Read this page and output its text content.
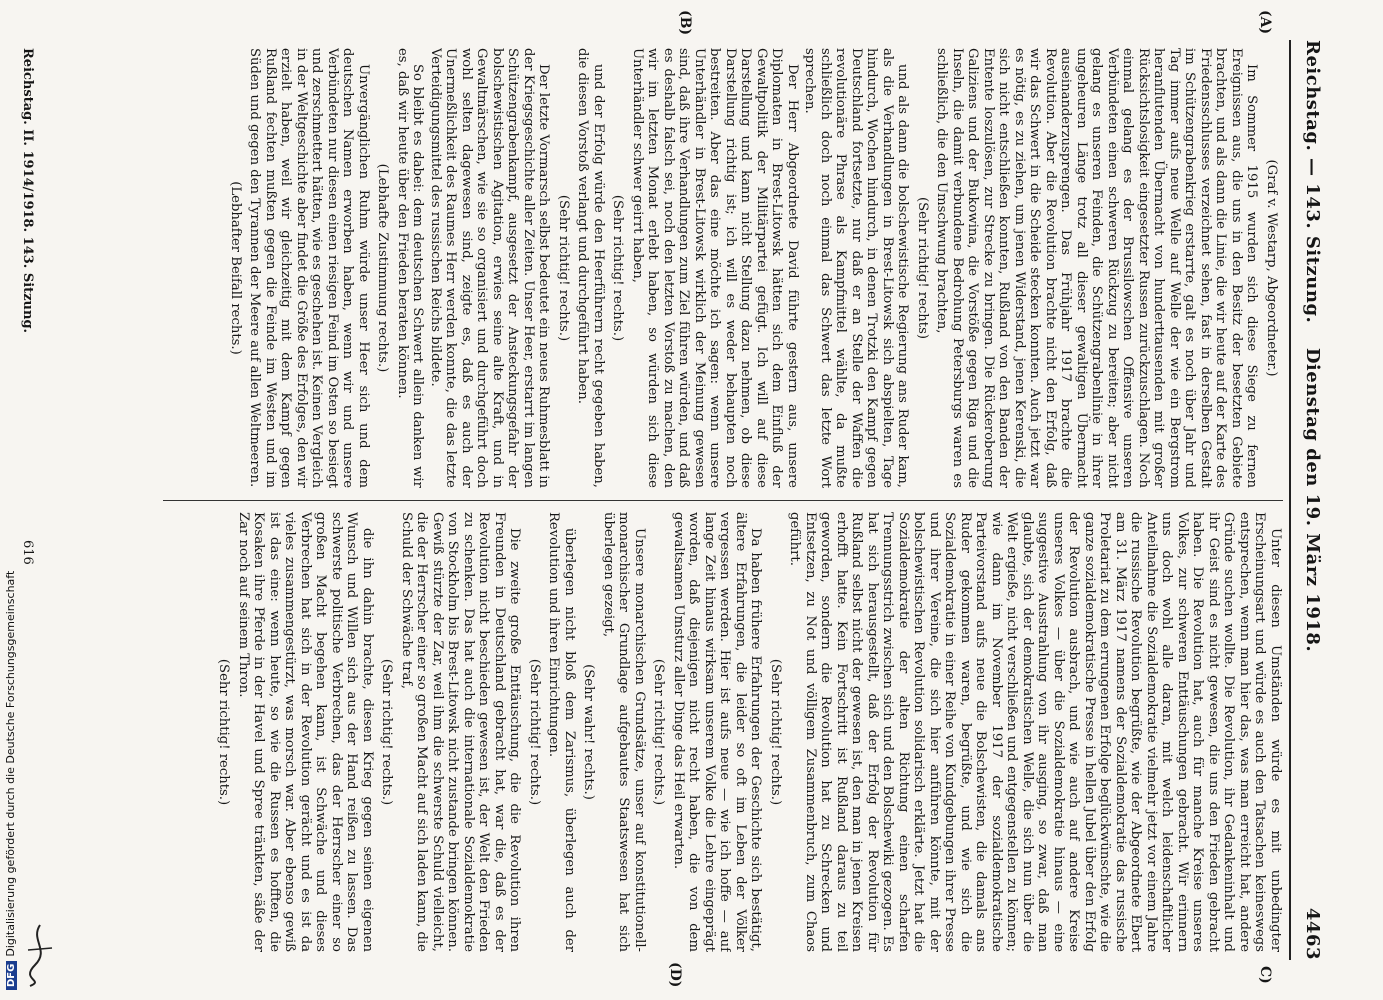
Reichstag. — 143. Sitzung.
Dienstag den 19. März 1918.
4463
(A)
(B)
C)
(D)

(Graf v. Westarp, Abgeordneter.)

Im Sommer 1915 wurden sich diese Siege zu fernen Ereignissen aus, die uns in den Besitz der besetzten Gebiete brachten, und als dann die Linie, die wir heute auf der Karte des Friedensschlusses verzeichnet sehen, fast in derselben Gestalt im Schützengrabenkrieg erstarrte, galt es noch über Jahr und Tag immer aufs neue Welle auf Welle der wie ein Bergstrom heranflutenden Übermacht von hunderttausenden mit großer Rücksichtslosigkeit eingesetzter Russen zurückzuschlagen. Noch einmal gelang es der Brussilowschen Offensive unseren Verbündeten einen schweren Rückzug zu bereiten; aber nicht gelang es unseren Feinden, die Schützengrabenlinie in ihrer ungeheuren Länge trotz all dieser gewaltigen Übermacht auseinanderzusprengen. Das Frühjahr 1917 brachte die Revolution. Aber die Revolution brachte nicht den Erfolg, daß wir das Schwert in die Scheide stecken konnten. Auch jetzt war es nötig, es zu ziehen, um jenen Widerstand, jenen Kerenski, die sich nicht entschließen konnten, Rußland von den Banden der Entente loszulösen, zur Strecke zu bringen. Die Rückeroberung Galiziens und der Bukowina, die Vorstöße gegen Riga und die Inseln, die damit verbundene Bedrohung Petersburgs waren es schließlich, die den Umschwung brachten,

(Sehr richtig! rechts)

und als dann die bolschewistische Regierung ans Ruder kam, als die Verhandlungen in Brest-Litowsk sich abspielten, Tage hindurch, Wochen hindurch, in denen Trotzki den Kampf gegen Deutschland fortsetzte, nur daß er an Stelle der Waffen die revolutionäre Phrase als Kampfmittel wählte, da mußte schließlich doch noch einmal das Schwert das letzte Wort sprechen.

Der Herr Abgeordnete David führte gestern aus, unsere Diplomaten in Brest-Litowsk hätten sich dem Einfluß der Gewaltpolitik der Militärpartei gefügt. Ich will auf diese Darstellung und kann nicht Stellung dazu nehmen, ob diese Darstellung richtig ist; ich will es weder behaupten noch bestreiten. Aber das eine möchte ich sagen: wenn unsere Unterhändler in Brest-Litowsk wirklich der Meinung gewesen sind, daß ihre Verhandlungen zum Ziel führen würden, und daß es deshalb falsch sei, noch den letzten Vorstoß zu machen, den wir im letzten Monat erlebt haben, so würden sich diese Unterhändler schwer geirrt haben,

(Sehr richtig! rechts.)

und der Erfolg würde den Heerführern recht gegeben haben, die diesen Vorstoß verlangt und durchgeführt haben.

(Sehr richtig! rechts.)

Der letzte Vormarsch selbst bedeutet ein neues Ruhmesblatt in der Kriegsgeschichte aller Zeiten. Unser Heer, erstarrt im langen Schützengrabenkampf, ausgesetzt der Ansteckungsgefahr der bolschewistischen Agitation, erwies seine alte Kraft, und in Gewaltmärschen, wie sie so organisiert und durchgeführt doch wohl selten dagewesen sind, zeigte es, daß es auch der Unermeßlichkeit des Raumes Herr werden konnte, die das letzte Verteidigungsmittel des russischen Reichs bildete.

So bleibt es dabei: dem deutschen Schwert allein danken wir es, daß wir heute über den Frieden beraten können.

(Lebhafte Zustimmung rechts.)

Unvergänglichen Ruhm würde unser Heer sich und dem deutschen Namen erworben haben, wenn wir und unsere Verbündeten nur diesen einen riesigen Feind im Osten so besiegt und zerschmettert hätten, wie es geschehen ist. Keinen Vergleich in der Weltgeschichte aber findet die Größe des Erfolges, den wir erzielt haben, weil wir gleichzeitig mit dem Kampf gegen Rußland fechten mußten gegen die Feinde im Westen und im Süden und gegen den Tyrannen der Meere auf allen Weltmeeren.

(Lebhafter Beifall rechts.)

Unter diesen Umständen würde es mit unbedingter Erscheinungsart und würde es auch den Tatsachen keineswegs entsprechen, wenn man hier das, was man erreicht hat, andere Gründe suchen wollte. Die Revolution, ihr Gedankeninhalt und ihr Geist sind es nicht gewesen, die uns den Frieden gebracht haben. Die Revolution hat, auch für manche Kreise unseres Volkes, zur schweren Enttäuschungen gebracht. Wir erinnern uns doch wohl alle daran, mit welch leidenschaftlicher Anteilnahme die Sozialdemokratie vielmehr jetzt vor einem Jahre die russische Revolution begrüßte, wie der Abgeordnete Ebert am 31. März 1917 namens der Sozialdemokratie das russische Proletariat zu dem errungenen Erfolge beglückwünschte, wie die ganze sozialdemokratische Presse in hellen Jubel über den Erfolg der Revolution ausbrach, und wie auch auf andere Kreise unseres Volkes — über die Sozialdemokratie hinaus — eine suggestive Ausstrahlung von ihr ausging, so zwar, daß man glaubte, sich der demokratischen Welle, die sich nun über die Welt ergieße, nicht verschließen und entgegenstellen zu können; wie dann im November 1917 der sozialdemokratische Parteivorstand aufs neue die Bolschewisten, die damals ans Ruder gekommen waren, begrüßte, und wie sich die Sozialdemokratie in einer Reihe von Kundgebungen ihrer Presse und ihrer Vereine, die sich hier anführen könnte, mit der bolschewistischen Revolution solidarisch erklärte. Jetzt hat die Sozialdemokratie der alten Richtung einen scharfen Trennungsstrich zwischen sich und den Bolschewiki gezogen. Es hat sich herausgestellt, daß der Erfolg der Revolution für Rußland selbst nicht der gewesen ist, den man in jenen Kreisen erhofft hatte. Kein Fortschritt ist Rußland daraus zu teil geworden, sondern die Revolution hat zu Schrecken und Entsetzen, zu Not und völligem Zusammenbruch, zum Chaos geführt.

(Sehr richtig! rechts.)

Da haben frühere Erfahrungen der Geschichte sich bestätigt, ältere Erfahrungen, die leider so oft im Leben der Völker vergessen werden. Hier ist aufs neue — wie ich hoffe — auf lange Zeit hinaus wirksam unserem Volke die Lehre eingeprägt worden, daß diejenigen nicht recht haben, die von dem gewaltsamen Umsturz aller Dinge das Heil erwarten.

(Sehr richtig! rechts.)

Unsere monarchischen Grundsätze, unser auf konstitutionell-monarchischer Grundlage aufgebautes Staatswesen hat sich überlegen gezeigt,

(Sehr wahr! rechts.)

überlegen nicht bloß dem Zarismus, überlegen auch der Revolution und ihren Einrichtungen.

(Sehr richtig! rechts.)

Die zweite große Enttäuschung, die die Revolution ihren Freunden in Deutschland gebracht hat, war die, daß es der Revolution nicht beschieden gewesen ist, der Welt den Frieden zu schenken. Das hat auch die internationale Sozialdemokratie von Stockholm bis Brest-Litowsk nicht zustande bringen können. Gewiß stürzte der Zar, weil ihm die schwerste Schuld vielleicht, die der Herrscher einer so großen Macht auf sich laden kann, die Schuld der Schwäche traf,

(Sehr richtig! rechts.)

die ihn dahin brachte, diesen Krieg gegen seinen eigenen Wunsch und Willen sich aus der Hand reißen zu lassen. Das schwerste politische Verbrechen, das der Herrscher einer so großen Macht begehen kann, ist Schwäche und dieses Verbrechen hat sich in der Revolution gerächt und es ist da vieles zusammengestürzt, was morsch war. Aber ebenso gewiß ist das eine: wenn heute, so wie die Russen es hofften, die Kosaken ihre Pferde in der Havel und Spree tränkten, säße der Zar noch auf seinem Thron.

(Sehr richtig! rechts.)

Reichstag. II. 1914/1918. 143. Sitzung.
616
DFGDigitalisierung gefördert durch die Deutsche Forschungsgemeinschaft
